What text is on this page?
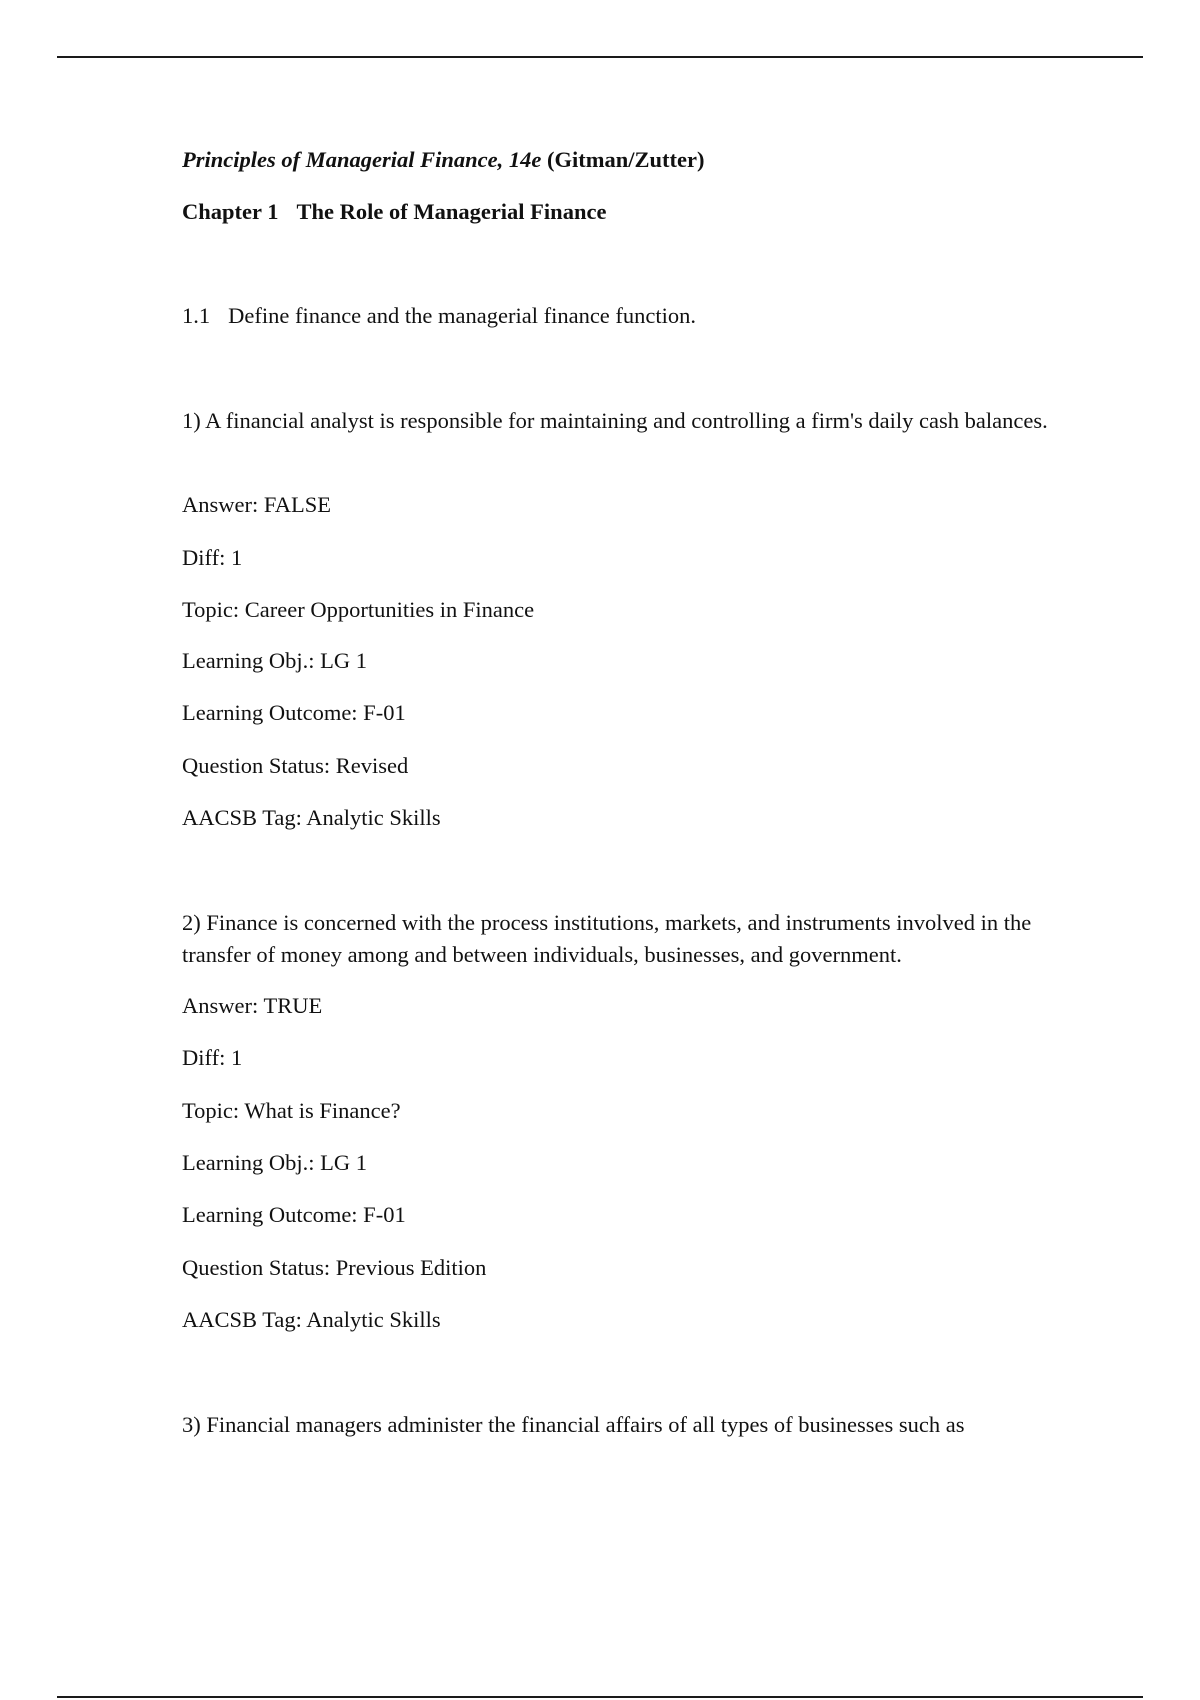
Principles of Managerial Finance, 14e (Gitman/Zutter)
Chapter 1 The Role of Managerial Finance
1.1 Define finance and the managerial finance function.
1) A financial analyst is responsible for maintaining and controlling a firm's daily cash balances.
Answer: FALSE
Diff: 1
Topic: Career Opportunities in Finance
Learning Obj.: LG 1
Learning Outcome: F-01
Question Status: Revised
AACSB Tag: Analytic Skills
2) Finance is concerned with the process institutions, markets, and instruments involved in the transfer of money among and between individuals, businesses, and government.
Answer: TRUE
Diff: 1
Topic: What is Finance?
Learning Obj.: LG 1
Learning Outcome: F-01
Question Status: Previous Edition
AACSB Tag: Analytic Skills
3) Financial managers administer the financial affairs of all types of businesses such as
